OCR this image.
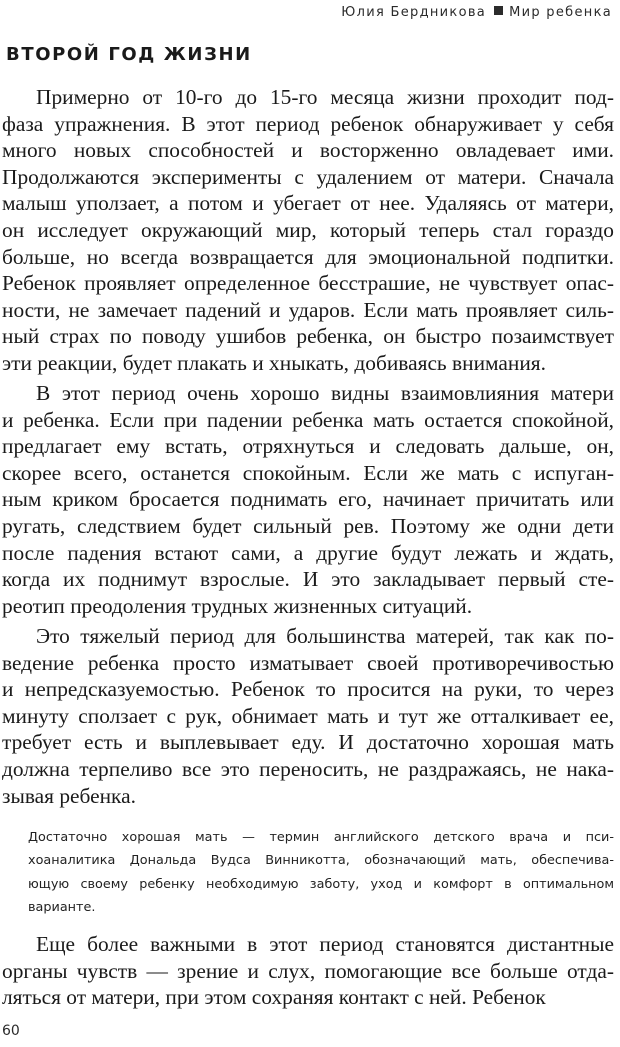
Юлия Бердникова Мир ребенка
ВТОРОЙ ГОД ЖИЗНИ
Примерно от 10-го до 15-го месяца жизни проходит под-
фаза упражнения. В этот период ребенок обнаруживает у себя
много новых способностей и восторженно овладевает ими.
Продолжаются эксперименты с удалением от матери. Сначала
малыш уползает, а потом и убегает от нее. Удаляясь от матери,
он исследует окружающий мир, который теперь стал гораздо
больше, но всегда возвращается для эмоциональной подпитки.
Ребенок проявляет определенное бесстрашие, не чувствует опас-
ности, не замечает падений и ударов. Если мать проявляет силь-
ный страх по поводу ушибов ребенка, он быстро позаимствует
эти реакции, будет плакать и хныкать, добиваясь внимания.
В этот период очень хорошо видны взаимовлияния матери
и ребенка. Если при падении ребенка мать остается спокойной,
предлагает ему встать, отряхнуться и следовать дальше, он,
скорее всего, останется спокойным. Если же мать с испуган-
ным криком бросается поднимать его, начинает причитать или
ругать, следствием будет сильный рев. Поэтому же одни дети
после падения встают сами, а другие будут лежать и ждать,
когда их поднимут взрослые. И это закладывает первый сте-
реотип преодоления трудных жизненных ситуаций.
Это тяжелый период для большинства матерей, так как по-
ведение ребенка просто изматывает своей противоречивостью
и непредсказуемостью. Ребенок то просится на руки, то через
минуту сползает с рук, обнимает мать и тут же отталкивает ее,
требует есть и выплевывает еду. И достаточно хорошая мать
должна терпеливо все это переносить, не раздражаясь, не нака-
зывая ребенка.
Достаточно хорошая мать — термин английского детского врача и пси-
хоаналитика Дональда Вудса Винникотта, обозначающий мать, обеспечива-
ющую своему ребенку необходимую заботу, уход и комфорт в оптимальном
варианте.
Еще более важными в этот период становятся дистантные
органы чувств — зрение и слух, помогающие все больше отда-
ляться от матери, при этом сохраняя контакт с ней. Ребенок
60
